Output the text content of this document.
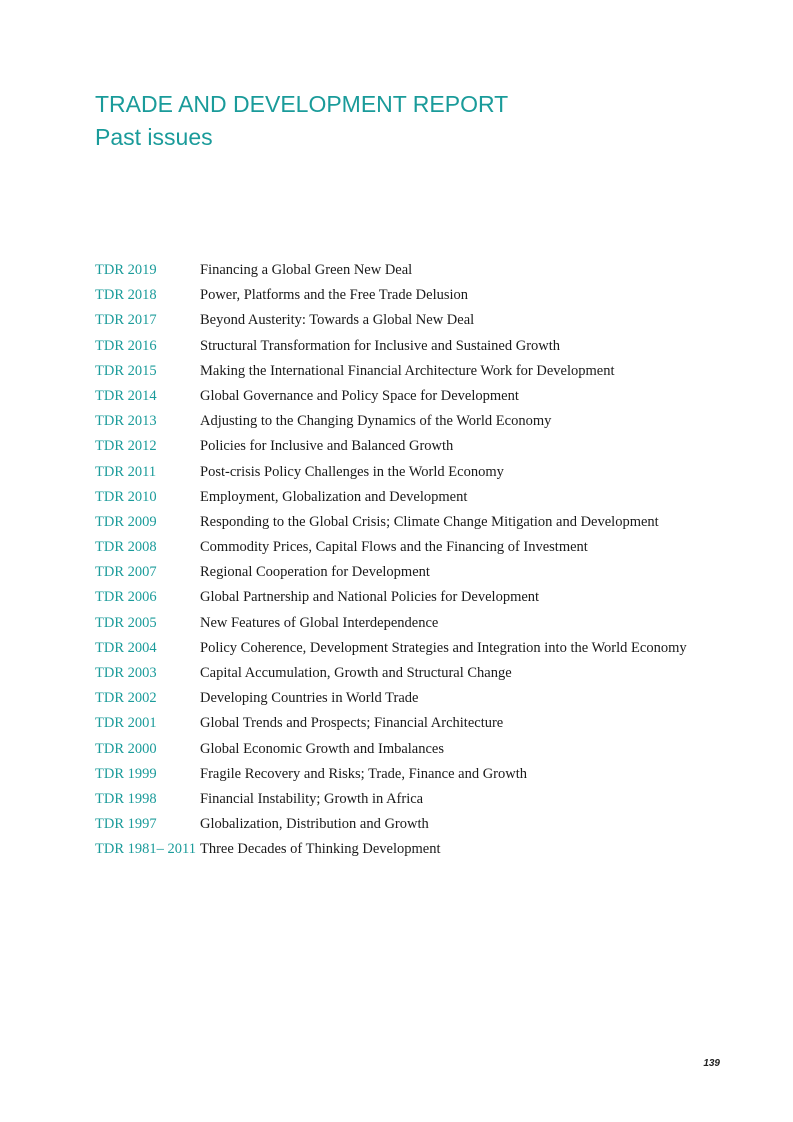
TRADE AND DEVELOPMENT REPORT
Past issues
TDR 2019	Financing a Global Green New Deal
TDR 2018	Power, Platforms and the Free Trade Delusion
TDR 2017	Beyond Austerity: Towards a Global New Deal
TDR 2016	Structural Transformation for Inclusive and Sustained Growth
TDR 2015	Making the International Financial Architecture Work for Development
TDR 2014	Global Governance and Policy Space for Development
TDR 2013	Adjusting to the Changing Dynamics of the World Economy
TDR 2012	Policies for Inclusive and Balanced Growth
TDR 2011	Post-crisis Policy Challenges in the World Economy
TDR 2010	Employment, Globalization and Development
TDR 2009	Responding to the Global Crisis; Climate Change Mitigation and Development
TDR 2008	Commodity Prices, Capital Flows and the Financing of Investment
TDR 2007	Regional Cooperation for Development
TDR 2006	Global Partnership and National Policies for Development
TDR 2005	New Features of Global Interdependence
TDR 2004	Policy Coherence, Development Strategies and Integration into the World Economy
TDR 2003	Capital Accumulation, Growth and Structural Change
TDR 2002	Developing Countries in World Trade
TDR 2001	Global Trends and Prospects; Financial Architecture
TDR 2000	Global Economic Growth and Imbalances
TDR 1999	Fragile Recovery and Risks; Trade, Finance and Growth
TDR 1998	Financial Instability; Growth in Africa
TDR 1997	Globalization, Distribution and Growth
TDR 1981– 2011 Three Decades of Thinking Development
139
